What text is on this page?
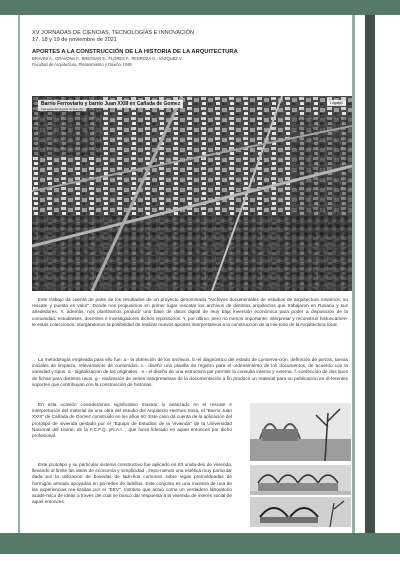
XV JORNADAS DE CIENCIAS, TECNOLOGÍAS E INNOVACIÓN
17, 18 y 19 de noviembre de 2021
APORTES A LA CONSTRUCCIÓN DE LA HISTORIA DE LA ARQUITECTURA
BRAVINI A., GRAVONA F., BRESSAN E., FLORES F., PEDROZA G., VAZQUEZ V.
Facultad de Arquitectura, Planeamiento y Diseño. UNR
Barrio Ferroviario y barrio Juan XXIII en Cañada de Gomez
Foto aérea del conjunto de viviendas
Logotipo
Este trabajo da cuenta de parte de los resultados de un proyecto denominado "Archivos documentales de estudios de arquitectura rosarinos, su rescate y puesta en valor". Donde nos propusimos en primer lugar rescatar los archivos de distintos arquitectos que trabajaron en Rosario y sus alrededores. Y, además, nos planteamos producir una base de datos digital de muy baja inversión económica para poder a disposición de la comunidad, estudiantes, docentes e investigadores dichos repositorios. Y, por último, pero no menos importante: interpretar y reconstruir historicamen-te estas colecciones, otorgándonos la posibilidad de realizar nuevos aportes interpretativos a la construcción de la His-toria de la Arquitectura local.
La metodología empleada para ello fue: a.- la obtención de los archivos. b.-el diagnóstico del estado de conserva-ción, definición de piezas, tareas iniciales de limpieza, relevamiento de contenidos. c.- diseño una planilla de registro para el ordenamiento de los documentos, de acuerdo con la variedad y tipos. d.- digitalización de los originales . e.- el diseño de una estructura par permitir la consulta interna y externa. f.-confección de dos tipos de fichas para distintos usos. g.- realización de series interpretativas de la documentación a fin producir un material para su publicación en di-ferentes soportes que contribuyan con la construcción de historias.
En esta ocasión consideramos significativo mostrar lo avanzado en el rescate e interpretación del material de una obra del estudio del Arquitecto Hermes Sosa, el "Barrio Juan XXIII" de Cañada de Gomez construido en los años 60. Este caso da cuenta de la aplicación del prototipo de vivienda gestado por el "Equipo de Estudios de la Vivienda" de la Universidad Nacional del Litoral, de la F.C.F.Q. yN.A.I. , que fuera liderado en aquel entonces por dicho profesional.
Este prototipo y su particular sistema constructivo fue aplicado en 83 unida-des de vivienda, llevando al límite las ideas de economía y simplicidad , impo-niendo una estética muy particular dada por la utilización de bovedas de ladri-llos comunes sobre vigas premoldeadas de hormigón armado apoyadas en pa-redes de ladrillos. Este conjunto es una muestra de una de las experiencias rea-lizadas por el "EEV". Instituto que actuó como un verdadero laboratorio acadé-mico de ideas a través del cual se buscó dar respuesta a la vivienda de interés social de aquel entonces.
